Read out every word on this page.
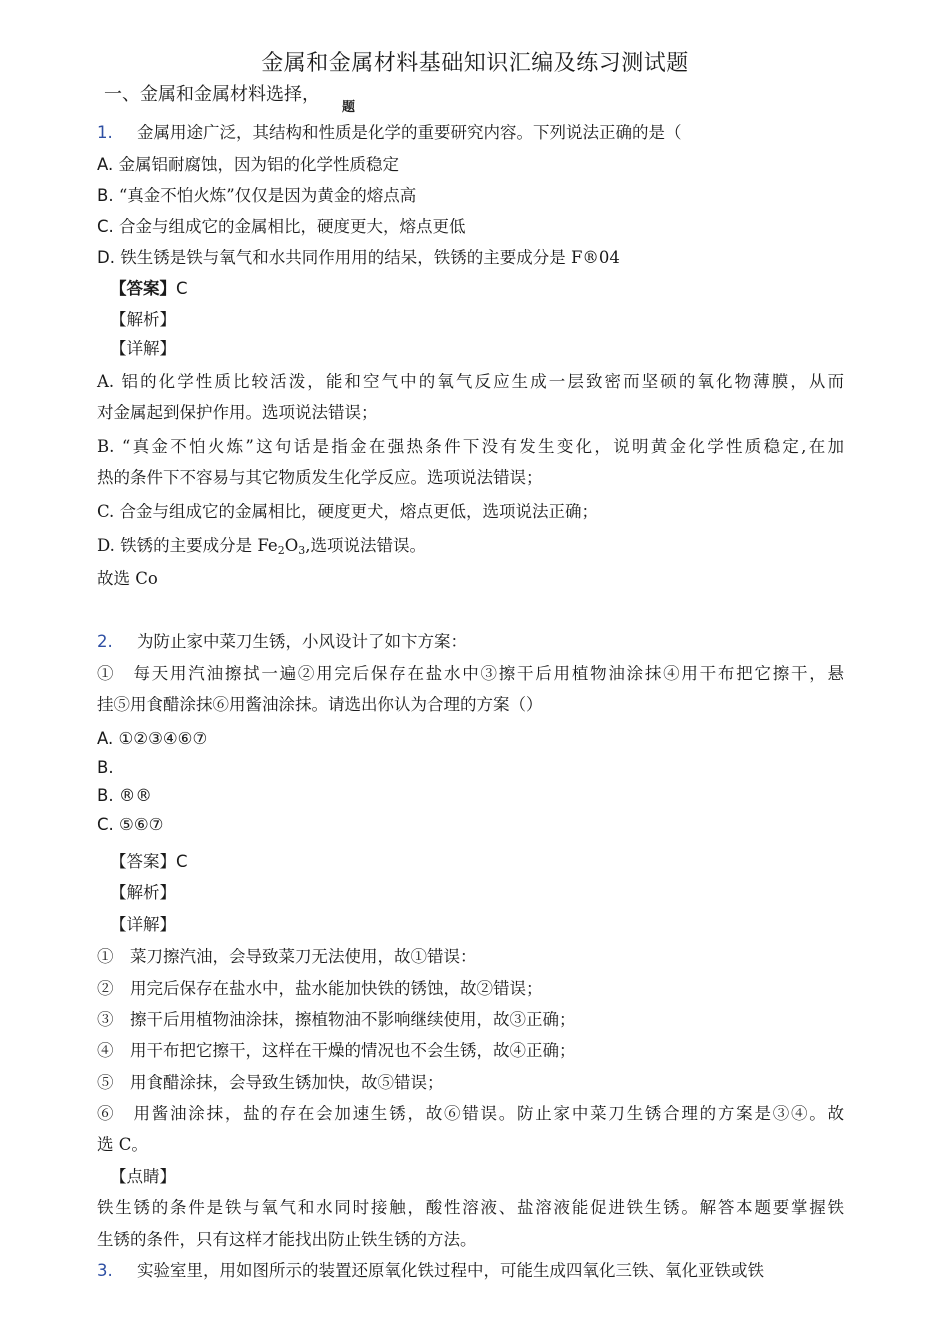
金属和金属材料基础知识汇编及练习测试题
一、金属和金属材料选择，
题
1. 金属用途广泛，其结构和性质是化学的重要研究内容。下列说法正确的是（
A. 金属铝耐腐蚀，因为铝的化学性质稳定
B. “真金不怕火炼”仅仅是因为黄金的熔点高
C. 合金与组成它的金属相比，硬度更大，熔点更低
D. 铁生锈是铁与氧气和水共同作用用的结呆，铁锈的主要成分是 F®04
【答案】C
【解析】
【详解】
A. 铝的化学性质比较活泼，能和空气中的氧气反应生成一层致密而坚硕的氧化物薄膜，从而
对金属起到保护作用。选项说法错误；
B. “真金不怕火炼”这句话是指金在强热条件下没有发生变化，说明黄金化学性质稳定,在加
热的条件下不容易与其它物质发生化学反应。选项说法错误；
C. 合金与组成它的金属相比，硬度更犬，熔点更低，选项说法正确；
D. 铁锈的主要成分是 $Fe_2O_3$,选项说法错误。
故选 Co
2. 为防止家中菜刀生锈，小风设计了如卞方案：
①　每天用汽油擦拭一遍②用完后保存在盐水中③擦干后用植物油涂抹④用干布把它擦干，悬
挂⑤用食醋涂抹⑥用酱油涂抹。请选出你认为合理的方案（）
A. ①②③④⑥⑦
B.
B. ®®
C. ⑤⑥⑦
【答案】C
【解析】
【详解】
①　菜刀擦汽油，会导致菜刀无法使用，故①错误：
②　用完后保存在盐水中，盐水能加快铁的锈蚀，故②错误；
③　擦干后用植物油涂抹，擦植物油不影响继续使用，故③正确；
④　用干布把它擦干，这样在干燥的情况也不会生锈，故④正确；
⑤　用食醋涂抹，会导致生锈加快，故⑤错误；
⑥　用酱油涂抹，盐的存在会加速生锈，故⑥错误。防止家中菜刀生锈合理的方案是③④。故
选 C。
【点睛】
铁生锈的条件是铁与氧气和水同时接触，酸性溶液、盐溶液能促进铁生锈。解答本题要掌握铁
生锈的条件，只有这样才能找出防止铁生锈的方法。
3. 实验室里，用如图所示的装置还原氧化铁过程中，可能生成四氧化三铁、氧化亚铁或铁
